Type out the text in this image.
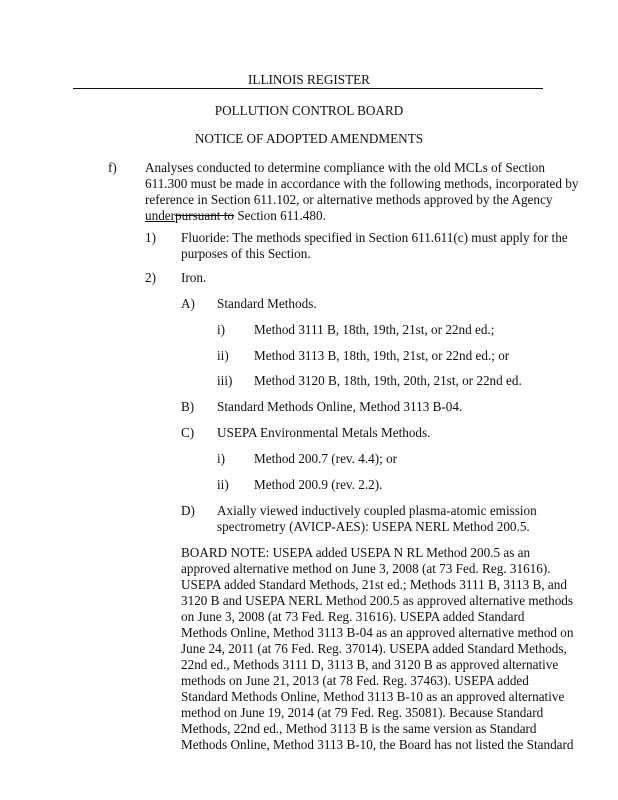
ILLINOIS REGISTER
POLLUTION CONTROL BOARD
NOTICE OF ADOPTED AMENDMENTS
f) Analyses conducted to determine compliance with the old MCLs of Section
611.300 must be made in accordance with the following methods, incorporated by
reference in Section 611.102, or alternative methods approved by the Agency
underpursuant to Section 611.480.
1) Fluoride: The methods specified in Section 611.611(c) must apply for the
purposes of this Section.
2) Iron.
A) Standard Methods.
i) Method 3111 B, 18th, 19th, 21st, or 22nd ed.;
ii) Method 3113 B, 18th, 19th, 21st, or 22nd ed.; or
iii) Method 3120 B, 18th, 19th, 20th, 21st, or 22nd ed.
B) Standard Methods Online, Method 3113 B-04.
C) USEPA Environmental Metals Methods.
i) Method 200.7 (rev. 4.4); or
ii) Method 200.9 (rev. 2.2).
D) Axially viewed inductively coupled plasma-atomic emission
spectrometry (AVICP-AES): USEPA NERL Method 200.5.
BOARD NOTE: USEPA added USEPA N RL Method 200.5 as an
approved alternative method on June 3, 2008 (at 73 Fed. Reg. 31616).
USEPA added Standard Methods, 21st ed.; Methods 3111 B, 3113 B, and
3120 B and USEPA NERL Method 200.5 as approved alternative methods
on June 3, 2008 (at 73 Fed. Reg. 31616). USEPA added Standard
Methods Online, Method 3113 B-04 as an approved alternative method on
June 24, 2011 (at 76 Fed. Reg. 37014). USEPA added Standard Methods,
22nd ed., Methods 3111 D, 3113 B, and 3120 B as approved alternative
methods on June 21, 2013 (at 78 Fed. Reg. 37463). USEPA added
Standard Methods Online, Method 3113 B-10 as an approved alternative
method on June 19, 2014 (at 79 Fed. Reg. 35081). Because Standard
Methods, 22nd ed., Method 3113 B is the same version as Standard
Methods Online, Method 3113 B-10, the Board has not listed the Standard
